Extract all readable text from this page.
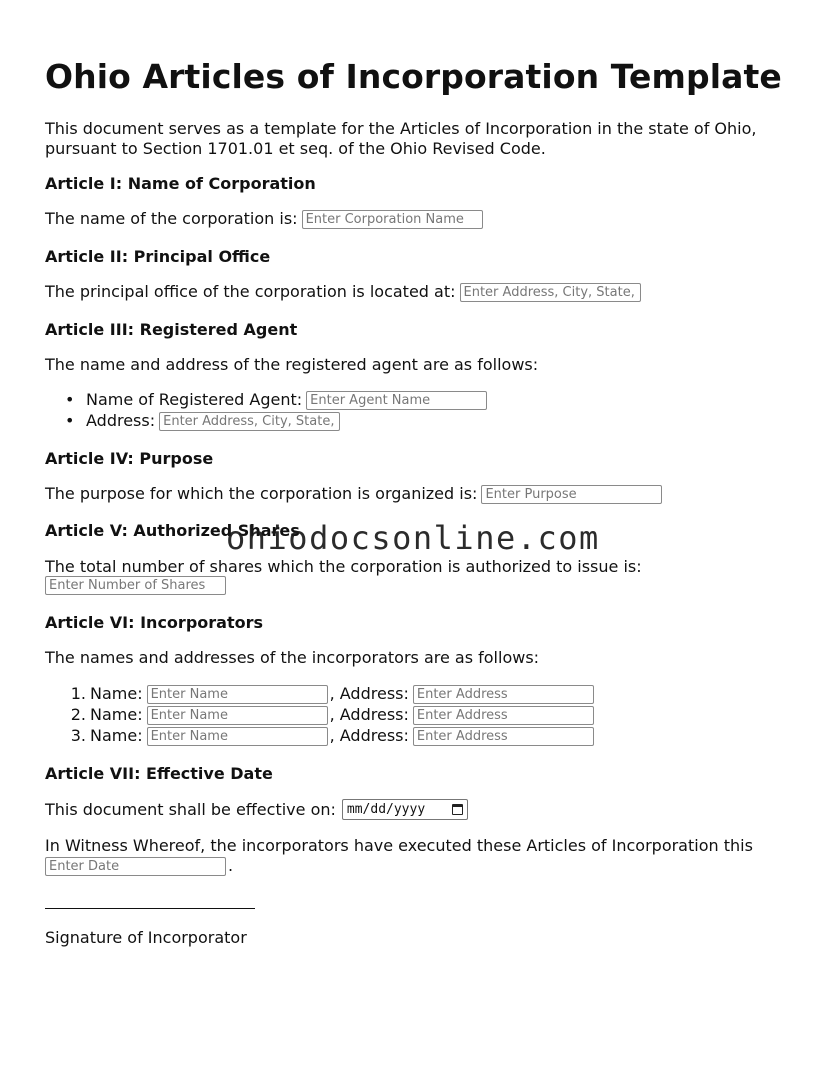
Ohio Articles of Incorporation Template

This document serves as a template for the Articles of Incorporation in the state of Ohio,

pursuant to Section 1701.01 et seq. of the Ohio Revised Code.

Article I: Name of Corporation

The name of the corporation is:
Enter Corporation Name

Article II: Principal Office

The principal office of the corporation is located at:
Enter Address, City, State, Zip

Article III: Registered Agent

The name and address of the registered agent are as follows:

• Name of Registered Agent:
Enter Agent Name
• Address:
Enter Address, City, State, Zip

Article IV: Purpose

The purpose for which the corporation is organized is:
Enter Purpose

Article V: Authorized Shares

The total number of shares which the corporation is authorized to issue is:

Enter Number of Shares

Article VI: Incorporators

The names and addresses of the incorporators are as follows:

1. Name:
Enter Name	, Address:
Enter Address
2. Name:
Enter Name	, Address:
Enter Address
3. Name:
Enter Name	, Address:
Enter Address

Article VII: Effective Date

This document shall be effective on: mm/dd/yyyy

In Witness Whereof, the incorporators have executed these Articles of Incorporation this

Enter Date
.

Signature of Incorporator

ohiodocsonline.com
